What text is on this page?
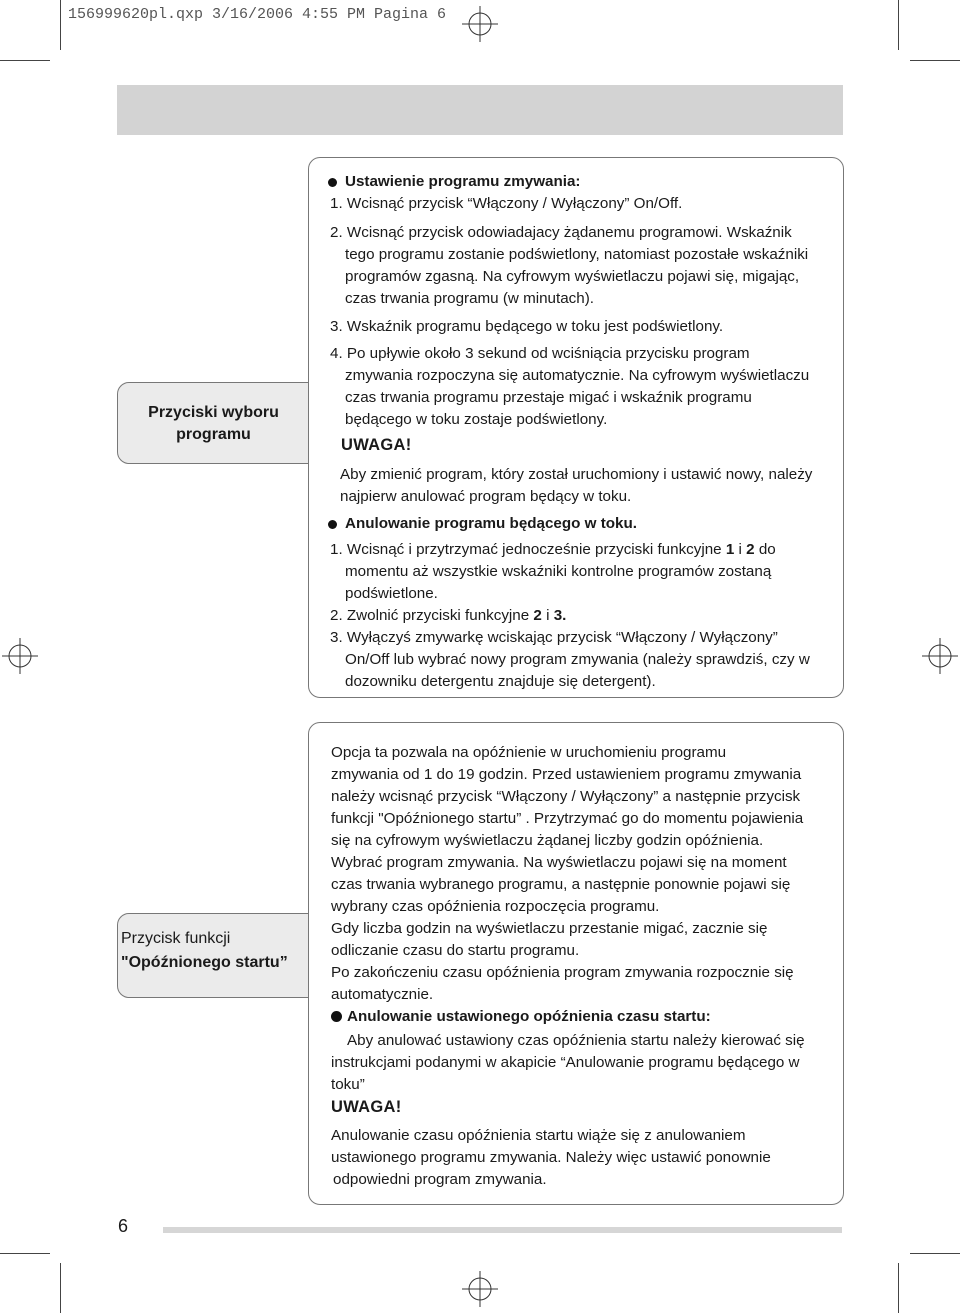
156999620pl.qxp 3/16/2006 4:55 PM Pagina 6
Przyciski wyboru
programu
Ustawienie programu zmywania:
1. Wcisnąć przycisk “Włączony / Wyłączony” On/Off.
2. Wcisnąć przycisk odowiadajacy żądanemu programowi. Wskaźnik
tego programu zostanie podświetlony, natomiast pozostałe wskaźniki
programów zgasną. Na cyfrowym wyświetlaczu pojawi się, migając,
czas trwania programu (w minutach).
3. Wskaźnik programu będącego w toku jest podświetlony.
4. Po upływie około 3 sekund od wciśniącia przycisku program
zmywania rozpoczyna się automatycznie. Na cyfrowym wyświetlaczu
czas trwania programu przestaje migać i wskaźnik programu
będącego w toku zostaje podświetlony.
UWAGA!
Aby zmienić program, który został uruchomiony i ustawić nowy, należy
najpierw anulować program będący w toku.
Anulowanie programu będącego w toku.
1. Wcisnąć i przytrzymać jednocześnie przyciski funkcyjne 1 i 2 do
momentu aż wszystkie wskaźniki kontrolne programów zostaną
podświetlone.
2. Zwolnić przyciski funkcyjne 2 i 3.
3. Wyłączyś zmywarkę wciskając przycisk “Włączony / Wyłączony”
On/Off lub wybrać nowy program zmywania (należy sprawdziś, czy w
dozowniku detergentu znajduje się detergent).
Przycisk funkcji
"Opóźnionego startu”
Opcja ta pozwala na opóźnienie w uruchomieniu programu
zmywania od 1 do 19 godzin. Przed ustawieniem programu zmywania
należy wcisnąć przycisk “Włączony / Wyłączony” a następnie przycisk
funkcji "Opóźnionego startu” . Przytrzymać go do momentu pojawienia
się na cyfrowym wyświetlaczu żądanej liczby godzin opóźnienia.
Wybrać program zmywania. Na wyświetlaczu pojawi się na moment
czas trwania wybranego programu, a następnie ponownie pojawi się
wybrany czas opóźnienia rozpoczęcia programu.
Gdy liczba godzin na wyświetlaczu przestanie migać, zacznie się
odliczanie czasu do startu programu.
Po zakończeniu czasu opóźnienia program zmywania rozpocznie się
automatycznie.
Anulowanie ustawionego opóźnienia czasu startu:
Aby anulować ustawiony czas opóźnienia startu należy kierować się
instrukcjami podanymi w akapicie “Anulowanie programu będącego w
toku”
UWAGA!
Anulowanie czasu opóźnienia startu wiąże się z anulowaniem
ustawionego programu zmywania. Należy więc ustawić ponownie
odpowiedni program zmywania.
6
